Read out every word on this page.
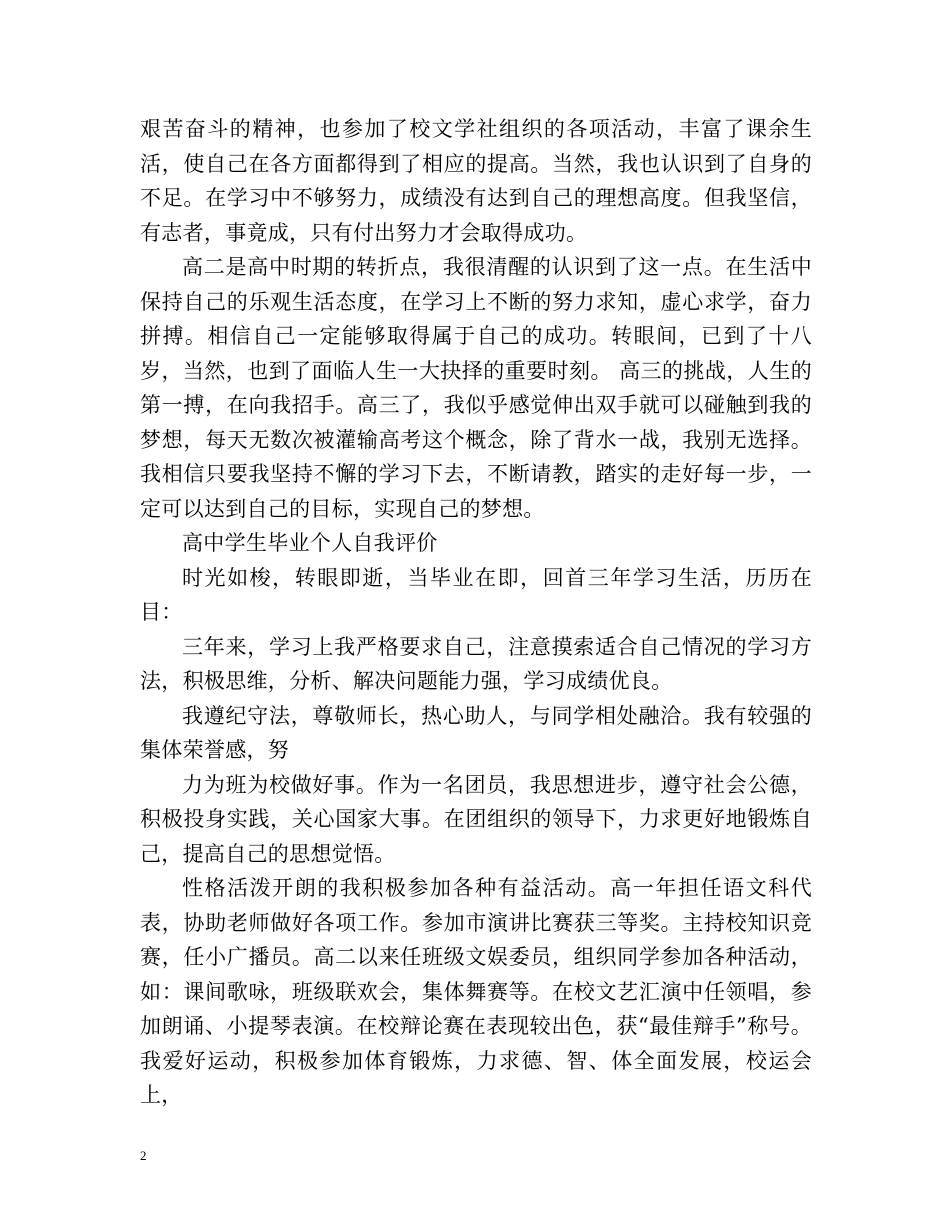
艰苦奋斗的精神，也参加了校文学社组织的各项活动，丰富了课余生活，使自己在各方面都得到了相应的提高。当然，我也认识到了自身的不足。在学习中不够努力，成绩没有达到自己的理想高度。但我坚信，有志者，事竟成，只有付出努力才会取得成功。

高二是高中时期的转折点，我很清醒的认识到了这一点。在生活中保持自己的乐观生活态度，在学习上不断的努力求知，虚心求学，奋力拼搏。相信自己一定能够取得属于自己的成功。转眼间，已到了十八岁，当然，也到了面临人生一大抉择的重要时刻。 高三的挑战，人生的第一搏，在向我招手。高三了，我似乎感觉伸出双手就可以碰触到我的梦想，每天无数次被灌输高考这个概念，除了背水一战，我别无选择。我相信只要我坚持不懈的学习下去，不断请教，踏实的走好每一步，一定可以达到自己的目标，实现自己的梦想。

高中学生毕业个人自我评价

时光如梭，转眼即逝，当毕业在即，回首三年学习生活，历历在目：

三年来，学习上我严格要求自己，注意摸索适合自己情况的学习方法，积极思维，分析、解决问题能力强，学习成绩优良。

我遵纪守法，尊敬师长，热心助人，与同学相处融洽。我有较强的集体荣誉感，努

力为班为校做好事。作为一名团员，我思想进步，遵守社会公德，积极投身实践，关心国家大事。在团组织的领导下，力求更好地锻炼自己，提高自己的思想觉悟。

性格活泼开朗的我积极参加各种有益活动。高一年担任语文科代表，协助老师做好各项工作。参加市演讲比赛获三等奖。主持校知识竞赛，任小广播员。高二以来任班级文娱委员，组织同学参加各种活动，如：课间歌咏，班级联欢会，集体舞赛等。在校文艺汇演中任领唱，参加朗诵、小提琴表演。在校辩论赛在表现较出色，获“最佳辩手”称号。我爱好运动，积极参加体育锻炼，力求德、智、体全面发展，校运会上，

2
